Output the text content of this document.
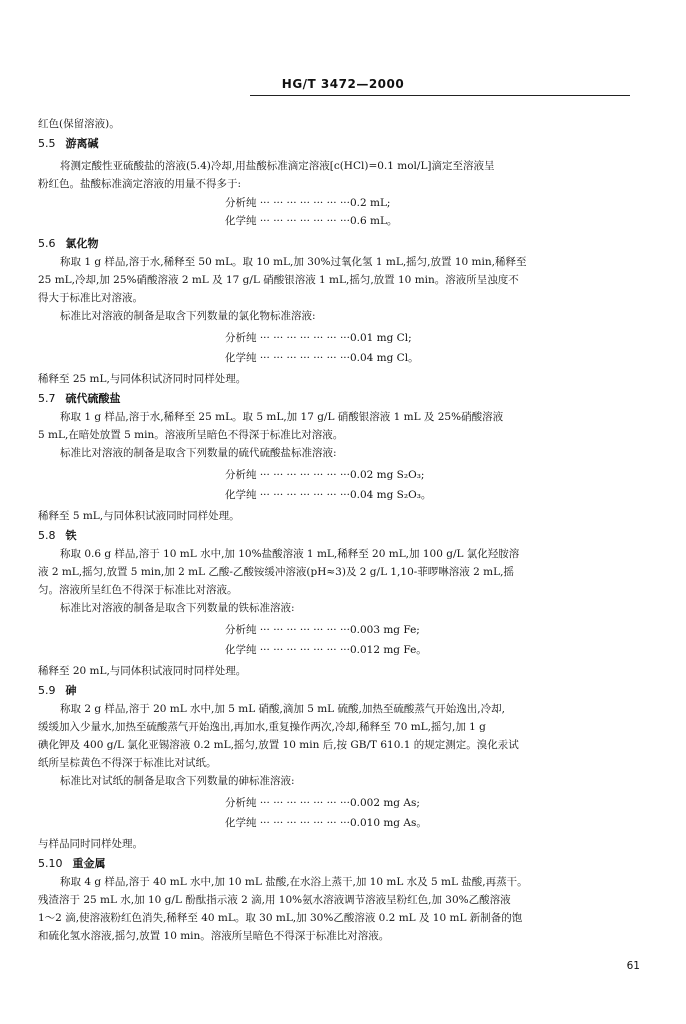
HG/T 3472—2000
红色(保留溶液)。
将测定酸性亚硫酸盐的溶液(5.4)冷却,用盐酸标准滴定溶液[c(HCl)=0.1 mol/L]滴定至溶液呈
粉红色。盐酸标准滴定溶液的用量不得多于:
称取 1 g 样品,溶于水,稀释至 50 mL。取 10 mL,加 30%过氧化氢 1 mL,摇匀,放置 10 min,稀释至
25 mL,冷却,加 25%硝酸溶液 2 mL 及 17 g/L 硝酸银溶液 1 mL,摇匀,放置 10 min。溶液所呈浊度不
得大于标准比对溶液。
标准比对溶液的制备是取含下列数量的氯化物标准溶液:
稀释至 25 mL,与同体积试济同时同样处理。
称取 1 g 样品,溶于水,稀释至 25 mL。取 5 mL,加 17 g/L 硝酸银溶液 1 mL 及 25%硝酸溶液
5 mL,在暗处放置 5 min。溶液所呈暗色不得深于标准比对溶液。
标准比对溶液的制备是取含下列数量的硫代硫酸盐标准溶液:
稀释至 5 mL,与同体积试液同时同样处理。
称取 0.6 g 样品,溶于 10 mL 水中,加 10%盐酸溶液 1 mL,稀释至 20 mL,加 100 g/L 氯化羟胺溶
液 2 mL,摇匀,放置 5 min,加 2 mL 乙酸-乙酸铵缓冲溶液(pH≈3)及 2 g/L 1,10-菲啰啉溶液 2 mL,摇
匀。溶液所呈红色不得深于标准比对溶液。
标准比对溶液的制备是取含下列数量的铁标准溶液:
稀释至 20 mL,与同体积试液同时同样处理。
称取 2 g 样品,溶于 20 mL 水中,加 5 mL 硝酸,滴加 5 mL 硫酸,加热至硫酸蒸气开始逸出,冷却,
缓缓加入少量水,加热至硫酸蒸气开始逸出,再加水,重复操作两次,冷却,稀释至 70 mL,摇匀,加 1 g
碘化钾及 400 g/L 氯化亚锡溶液 0.2 mL,摇匀,放置 10 min 后,按 GB/T 610.1 的规定测定。溴化汞试
纸所呈棕黄色不得深于标准比对试纸。
标准比对试纸的制备是取含下列数量的砷标准溶液:
与样品同时同样处理。
称取 4 g 样品,溶于 40 mL 水中,加 10 mL 盐酸,在水浴上蒸干,加 10 mL 水及 5 mL 盐酸,再蒸干。
残渣溶于 25 mL 水,加 10 g/L 酚酞指示液 2 滴,用 10%氨水溶液调节溶液呈粉红色,加 30%乙酸溶液
1～2 滴,使溶液粉红色消失,稀释至 40 mL。取 30 mL,加 30%乙酸溶液 0.2 mL 及 10 mL 新制备的饱
和硫化氢水溶液,摇匀,放置 10 min。溶液所呈暗色不得深于标准比对溶液。
5.5 游离碱
5.6 氯化物
5.7 硫代硫酸盐
5.8 铁
5.9 砷
5.10 重金属
分析纯 ··· ··· ··· ··· ··· ··· ···0.2 mL;
化学纯 ··· ··· ··· ··· ··· ··· ···0.6 mL。
分析纯 ··· ··· ··· ··· ··· ··· ···0.01 mg Cl;
化学纯 ··· ··· ··· ··· ··· ··· ···0.04 mg Cl。
分析纯 ··· ··· ··· ··· ··· ··· ···0.02 mg S₂O₃;
化学纯 ··· ··· ··· ··· ··· ··· ···0.04 mg S₂O₃。
分析纯 ··· ··· ··· ··· ··· ··· ···0.003 mg Fe;
化学纯 ··· ··· ··· ··· ··· ··· ···0.012 mg Fe。
分析纯 ··· ··· ··· ··· ··· ··· ···0.002 mg As;
化学纯 ··· ··· ··· ··· ··· ··· ···0.010 mg As。
61
